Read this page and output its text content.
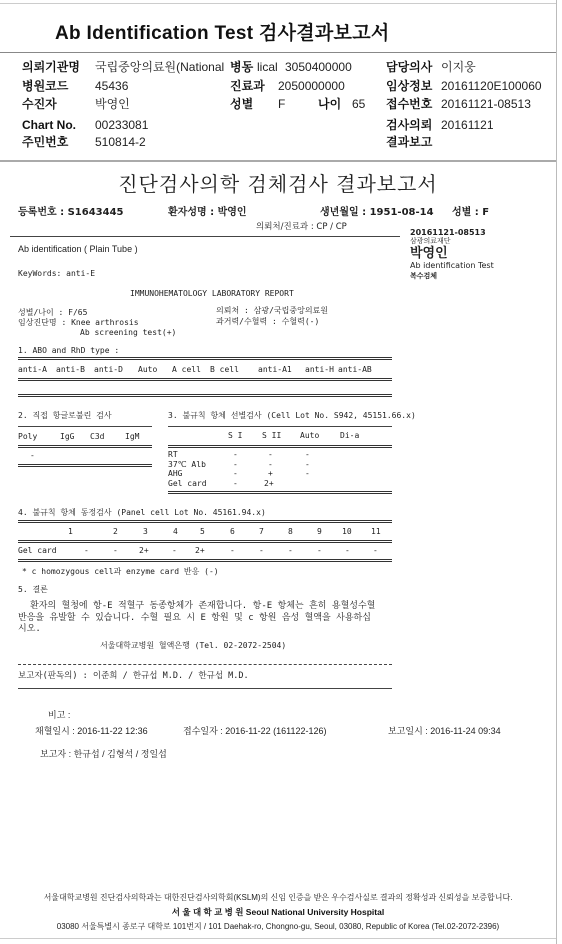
Ab Identification Test 검사결과보고서
의뢰기관명 국립중앙의료원(National 병동 lical 3050400000	담당의사 이지웅
병원코드 45436	진료과 2050000000	임상정보 20161120E100060
수진자	박영인	성별 F	나이 65 접수번호 20161121-08513
Chart No. 00233081	검사의뢰 20161121
주민번호 510814-2	결과보고
진단검사의학 검체검사 결과보고서
등록번호 : S1643445	환자성명 : 박영인	생년월일 : 1951-08-14 성별 : F
의뢰처/진료과 : CP / CP
20161121-08513
삼광의료재단
박영인
Ab identification Test
복수검체
Ab identification ( Plain Tube )
KeyWords: anti-E
IMMUNOHEMATOLOGY LABORATORY REPORT
성별/나이 : F/65	의뢰처 : 삼광/국립중앙의료원
임상진단명 : Knee arthrosis	과거력/수혈력 : 수혈력(-)
Ab screening test(+)
1. ABO and RhD type :
anti-A anti-B anti-D Auto A cell B cell anti-A1 anti-H anti-AB
2. 직접 항글로불린 검사
Poly	IgG C3d	IgM
-
3. 불규칙 항체 선별검사 (Cell Lot No. S942, 45151.66.x)
S I S II Auto	Di-a
RT	-	-	-
37℃ Alb	-	-	-
AHG	-	+	-
Gel card	-	2+
4. 불규칙 항체 동정검사 (Panel cell Lot No. 45161.94.x)
1	2	3	4	5	6	7	8	9	10 11
Gel card	-	-	2+	- 2+	-	-	-	-	-	-
* c homozygous cell과 enzyme card 반응 (-)
5. 결론
환자의 혈청에 항-E 적혈구 동종항체가 존재합니다. 항-E 항체는 흔히 용혈성수혈
반응을 유발할 수 있습니다. 수혈 필요 시 E 항원 및 c 항원 음성 혈액을 사용하십
시오.
서울대학교병원 혈액은행 (Tel. 02-2072-2504)
보고자(판독의) : 이준희 / 한규섭 M.D. / 한규섭 M.D.
비고 :
채혈일시 : 2016-11-22 12:36	접수일자 : 2016-11-22 (161122-126)	보고일시 : 2016-11-24 09:34
보고자 : 한규섭 / 김형석 / 정일섭
서울대학교병원 진단검사의학과는 대한진단검사의학회(KSLM)의 신임 인증을 받은 우수검사실로 결과의 정확성과 신뢰성을 보증합니다.
서 울 대 학 교 병 원 Seoul National University Hospital
03080 서울특별시 종로구 대학로 101번지 / 101 Daehak-ro, Chongno-gu, Seoul, 03080, Republic of Korea (Tel.02-2072-2396)
